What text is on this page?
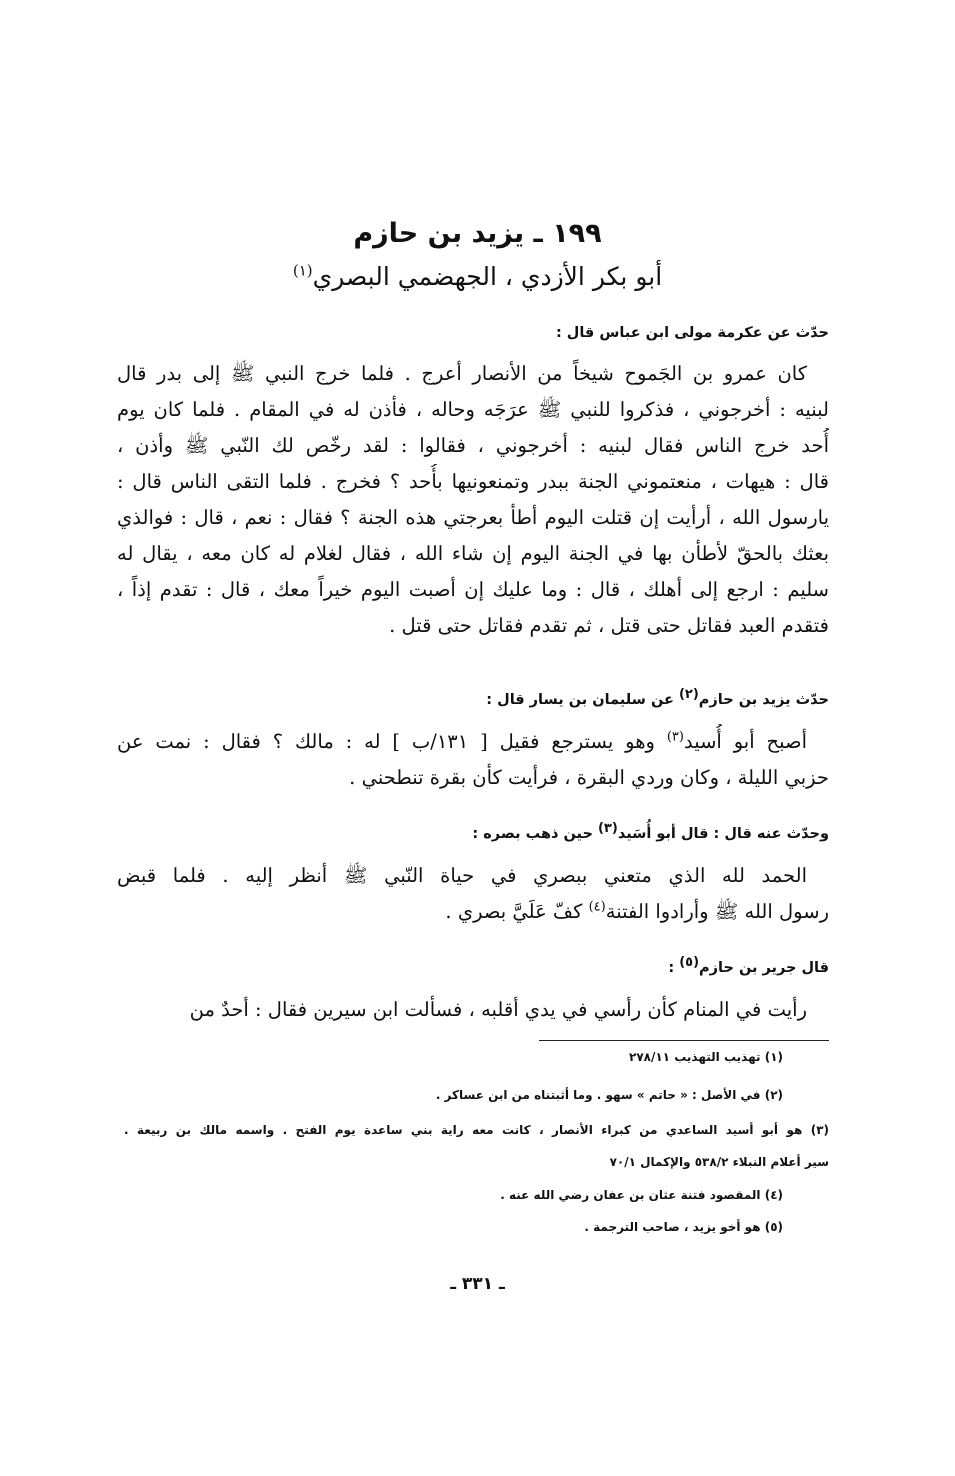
١٩٩ ـ يزيد بن حازم
أبو بكر الأزدي ، الجهضمي البصري$^{(١)}$
حدّث عن عكرمة مولى ابن عباس قال :
كان عمرو بن الجَموح شيخاً من الأنصار أعرج . فلما خرج النبي ﷺ إلى بدر قال
لبنيه : أخرجوني ، فذكروا للنبي ﷺ عرَجَه وحاله ، فأذن له في المقام . فلما كان يوم
أُحد خرج الناس فقال لبنيه : أخرجوني ، فقالوا : لقد رخّص لك النّبي ﷺ وأذن ،
قال : هيهات ، منعتموني الجنة ببدر وتمنعونيها بأُحد ؟ فخرج . فلما التقى الناس قال :
يارسول الله ، أرأيت إن قتلت اليوم أطأ بعرجتي هذه الجنة ؟ فقال : نعم ، قال : فوالذي
بعثك بالحقّ لأطأن بها في الجنة اليوم إن شاء الله ، فقال لغلام له كان معه ، يقال له
سليم : ارجع إلى أهلك ، قال : وما عليك إن أصبت اليوم خيراً معك ، قال : تقدم إذاً ،
فتقدم العبد فقاتل حتى قتل ، ثم تقدم فقاتل حتى قتل .
حدّث يزيد بن حازم(٢) عن سليمان بن يسار قال :
أصبح أبو أُسيد$^{(٣)}$ وهو يسترجع فقيل [ ١٣١/ب ] له : مالك ؟ فقال : نمت عن
حزبي الليلة ، وكان وردي البقرة ، فرأيت كأن بقرة تنطحني .
وحدّث عنه قال : قال أبو أُسَيد(٣) حين ذهب بصره :
الحمد لله الذي متعني ببصري في حياة النّبي ﷺ أنظر إليه . فلما قبض
رسول الله ﷺ وأرادوا الفتنة$^{(٤)}$ كفّ عَلَيَّ بصري .
قال جرير بن حازم(٥) :
رأيت في المنام كأن رأسي في يدي أقلبه ، فسألت ابن سيرين فقال : أحدٌ من
(١) تهذيب التهذيب ٢٧٨/١١
(٢) في الأصل : « حاتم » سهو . وما أثبتناه من ابن عساكر .
(٣) هو أبو أسيد الساعدي من كبراء الأنصار ، كانت معه راية بني ساعدة يوم الفتح . واسمه مالك بن ربيعة .
سير أعلام النبلاء ٥٣٨/٢ والإكمال ٧٠/١
(٤) المقصود فتنة عثان بن عفان رضي الله عنه .
(٥) هو أخو يزيد ، صاحب الترجمة .
ـ ٣٣١ ـ
